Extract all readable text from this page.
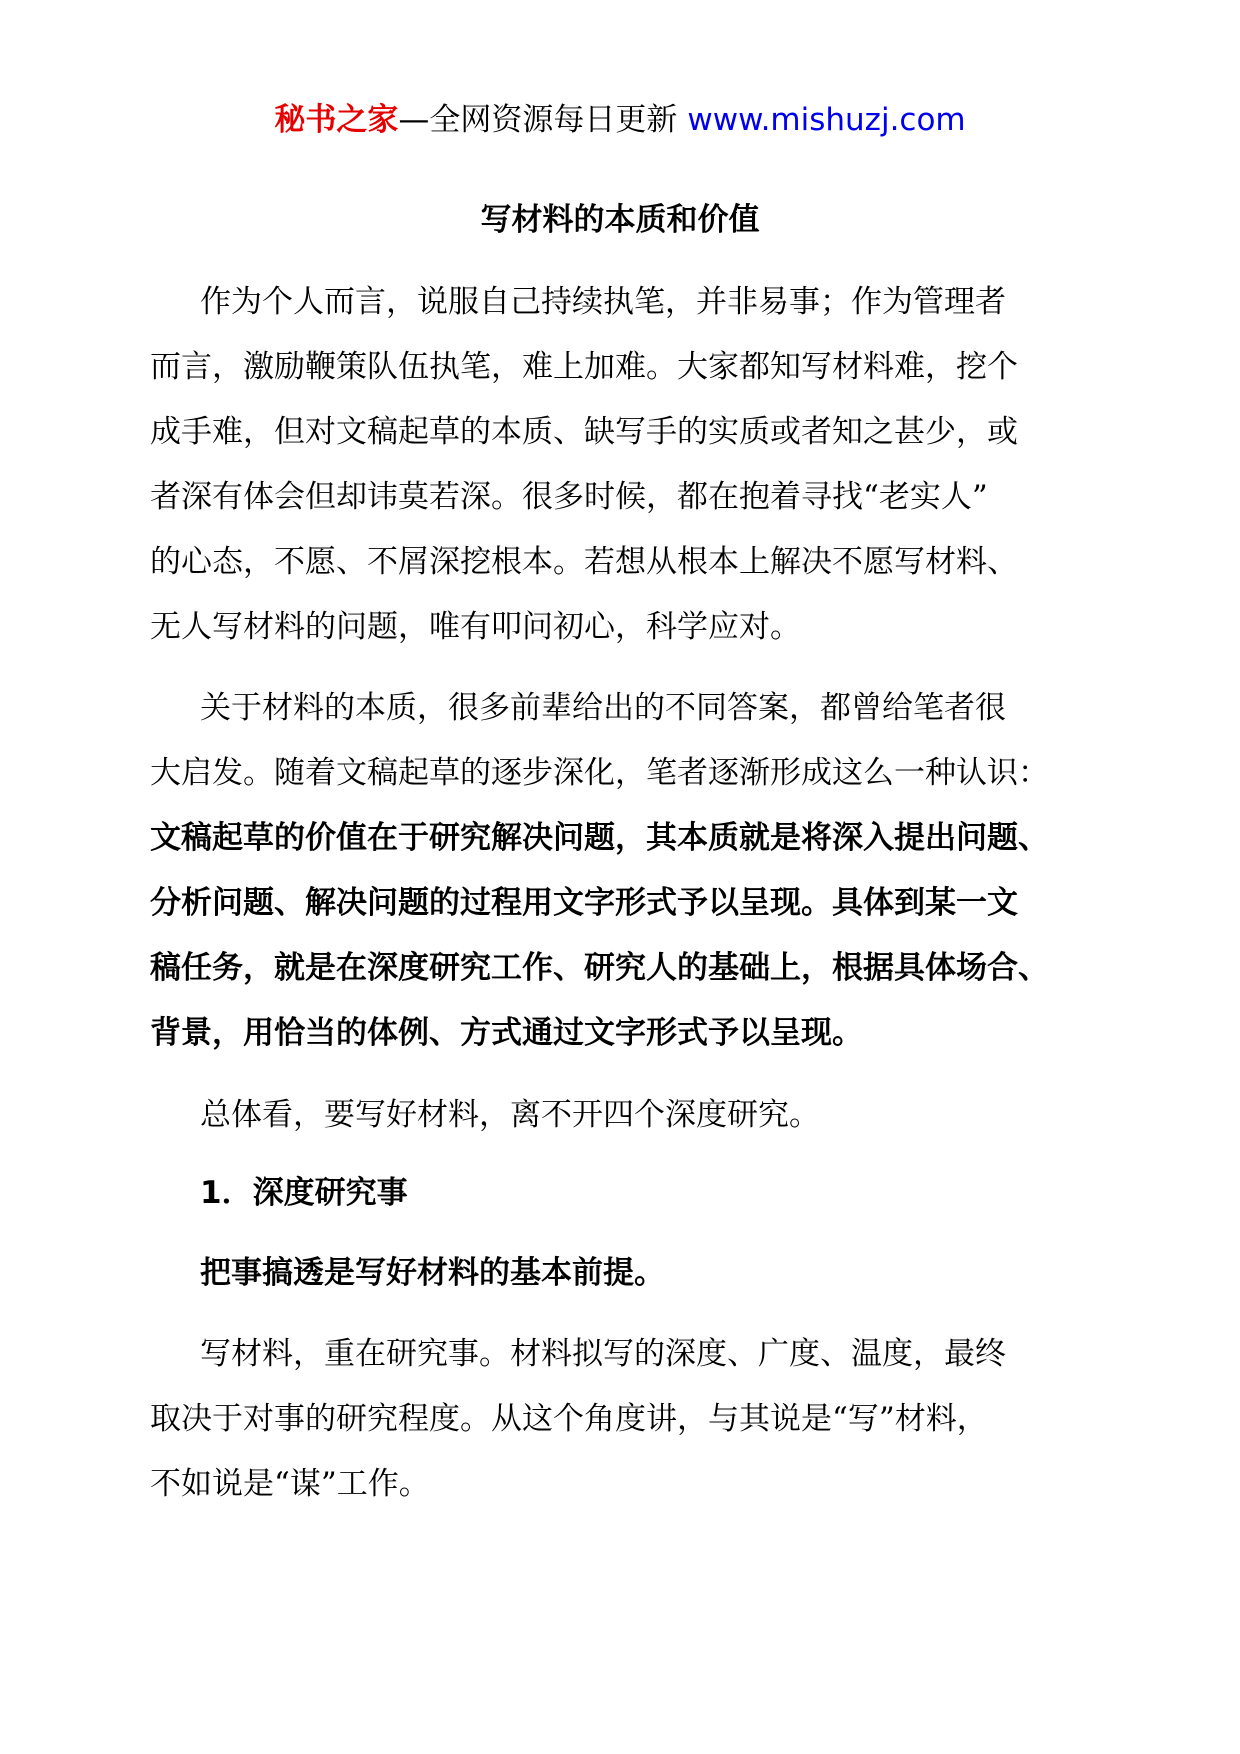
秘书之家—全网资源每日更新 www.mishuzj.com
写材料的本质和价值
作为个人而言，说服自己持续执笔，并非易事；作为管理者
而言，激励鞭策队伍执笔，难上加难。大家都知写材料难，挖个
成手难，但对文稿起草的本质、缺写手的实质或者知之甚少，或
者深有体会但却讳莫若深。很多时候，都在抱着寻找“老实人”
的心态，不愿、不屑深挖根本。若想从根本上解决不愿写材料、
无人写材料的问题，唯有叩问初心，科学应对。
关于材料的本质，很多前辈给出的不同答案，都曾给笔者很
大启发。随着文稿起草的逐步深化，笔者逐渐形成这么一种认识：
文稿起草的价值在于研究解决问题，其本质就是将深入提出问题、
分析问题、解决问题的过程用文字形式予以呈现。具体到某一文
稿任务，就是在深度研究工作、研究人的基础上，根据具体场合、
背景，用恰当的体例、方式通过文字形式予以呈现。
总体看，要写好材料，离不开四个深度研究。
1．深度研究事
把事搞透是写好材料的基本前提。
写材料，重在研究事。材料拟写的深度、广度、温度，最终
取决于对事的研究程度。从这个角度讲，与其说是“写”材料，
不如说是“谋”工作。
